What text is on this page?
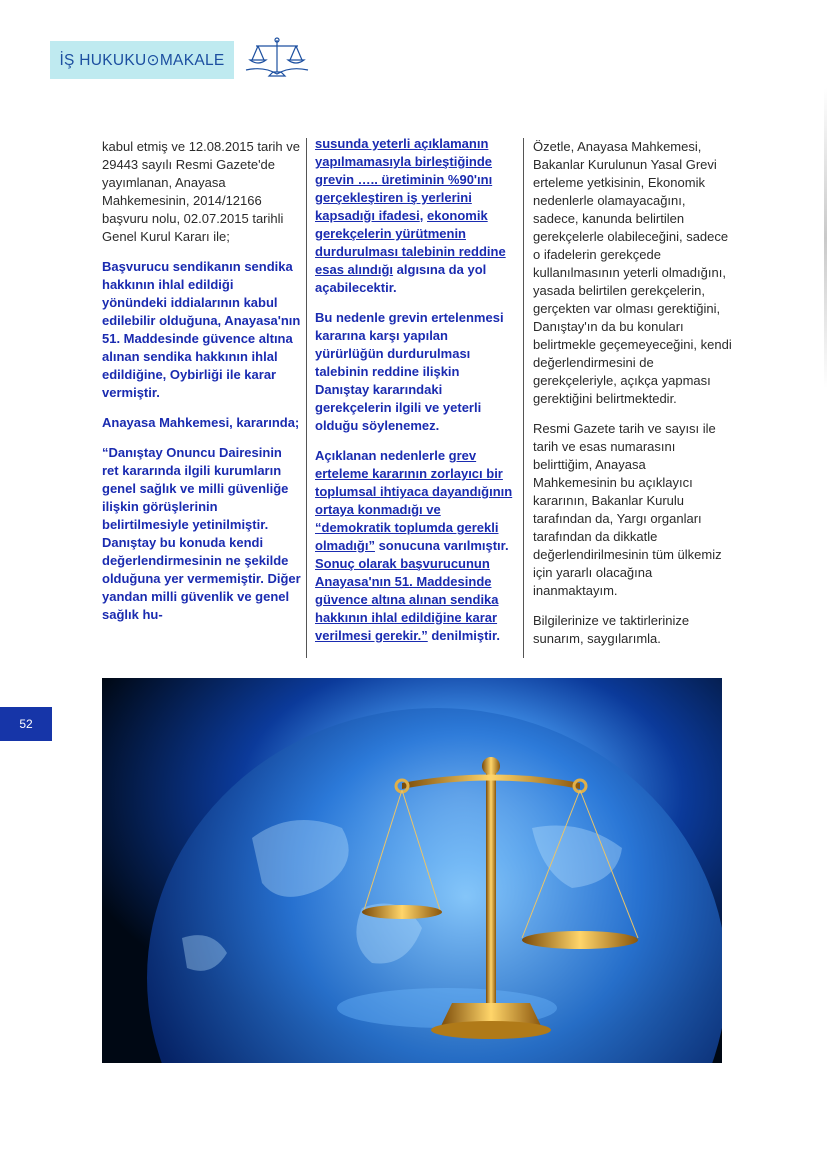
İŞ HUKUKU⊙MAKALE

kabul etmiş ve 12.08.2015 tarih ve 29443 sayılı Resmi Gazete'de yayımlanan, Anayasa Mahkemesinin, 2014/12166 başvuru nolu, 02.07.2015 tarihli Genel Kurul Kararı ile;

Başvurucu sendikanın sendika hakkının ihlal edildiği yönündeki iddialarının kabul edilebilir olduğuna, Anayasa'nın 51. Maddesinde güvence altına alınan sendika hakkının ihlal edildiğine, Oybirliği ile karar vermiştir.

Anayasa Mahkemesi, kararında;

“Danıştay Onuncu Dairesinin ret kararında ilgili kurumların genel sağlık ve milli güvenliğe ilişkin görüşlerinin belirtilmesiyle yetinilmiştir. Danıştay bu konuda kendi değerlendirmesinin ne şekilde olduğuna yer vermemiştir. Diğer yandan milli güvenlik ve genel sağlık hu-

susunda yeterli açıklamanın yapılmamasıyla birleştiğinde grevin ….. üretiminin %90'ını gerçekleştiren iş yerlerini kapsadığı ifadesi, ekonomik gerekçelerin yürütmenin durdurulması talebinin reddine esas alındığı algısına da yol açabilecektir.

Bu nedenle grevin ertelenmesi kararına karşı yapılan yürürlüğün durdurulması talebinin reddine ilişkin Danıştay kararındaki gerekçelerin ilgili ve yeterli olduğu söylenemez.

Açıklanan nedenlerle grev erteleme kararının zorlayıcı bir toplumsal ihtiyaca dayandığının ortaya konmadığı ve “demokratik toplumda gerekli olmadığı” sonucuna varılmıştır. Sonuç olarak başvurucunun Anayasa'nın 51. Maddesinde güvence altına alınan sendika hakkının ihlal edildiğine karar verilmesi gerekir.” denilmiştir.

Özetle, Anayasa Mahkemesi, Bakanlar Kurulunun Yasal Grevi erteleme yetkisinin, Ekonomik nedenlerle olamayacağını, sadece, kanunda belirtilen gerekçelerle olabileceğini, sadece o ifadelerin gerekçede kullanılmasının yeterli olmadığını, yasada belirtilen gerekçelerin, gerçekten var olması gerektiğini, Danıştay'ın da bu konuları belirtmekle geçemeyeceğini, kendi değerlendirmesini de gerekçeleriyle, açıkça yapması gerektiğini belirtmektedir.

Resmi Gazete tarih ve sayısı ile tarih ve esas numarasını belirttiğim, Anayasa Mahkemesinin bu açıklayıcı kararının, Bakanlar Kurulu tarafından da, Yargı organları tarafından da dikkatle değerlendirilmesinin tüm ülkemiz için yararlı olacağına inanmaktayım.

Bilgilerinize ve taktirlerinize sunarım, saygılarımla.

52
